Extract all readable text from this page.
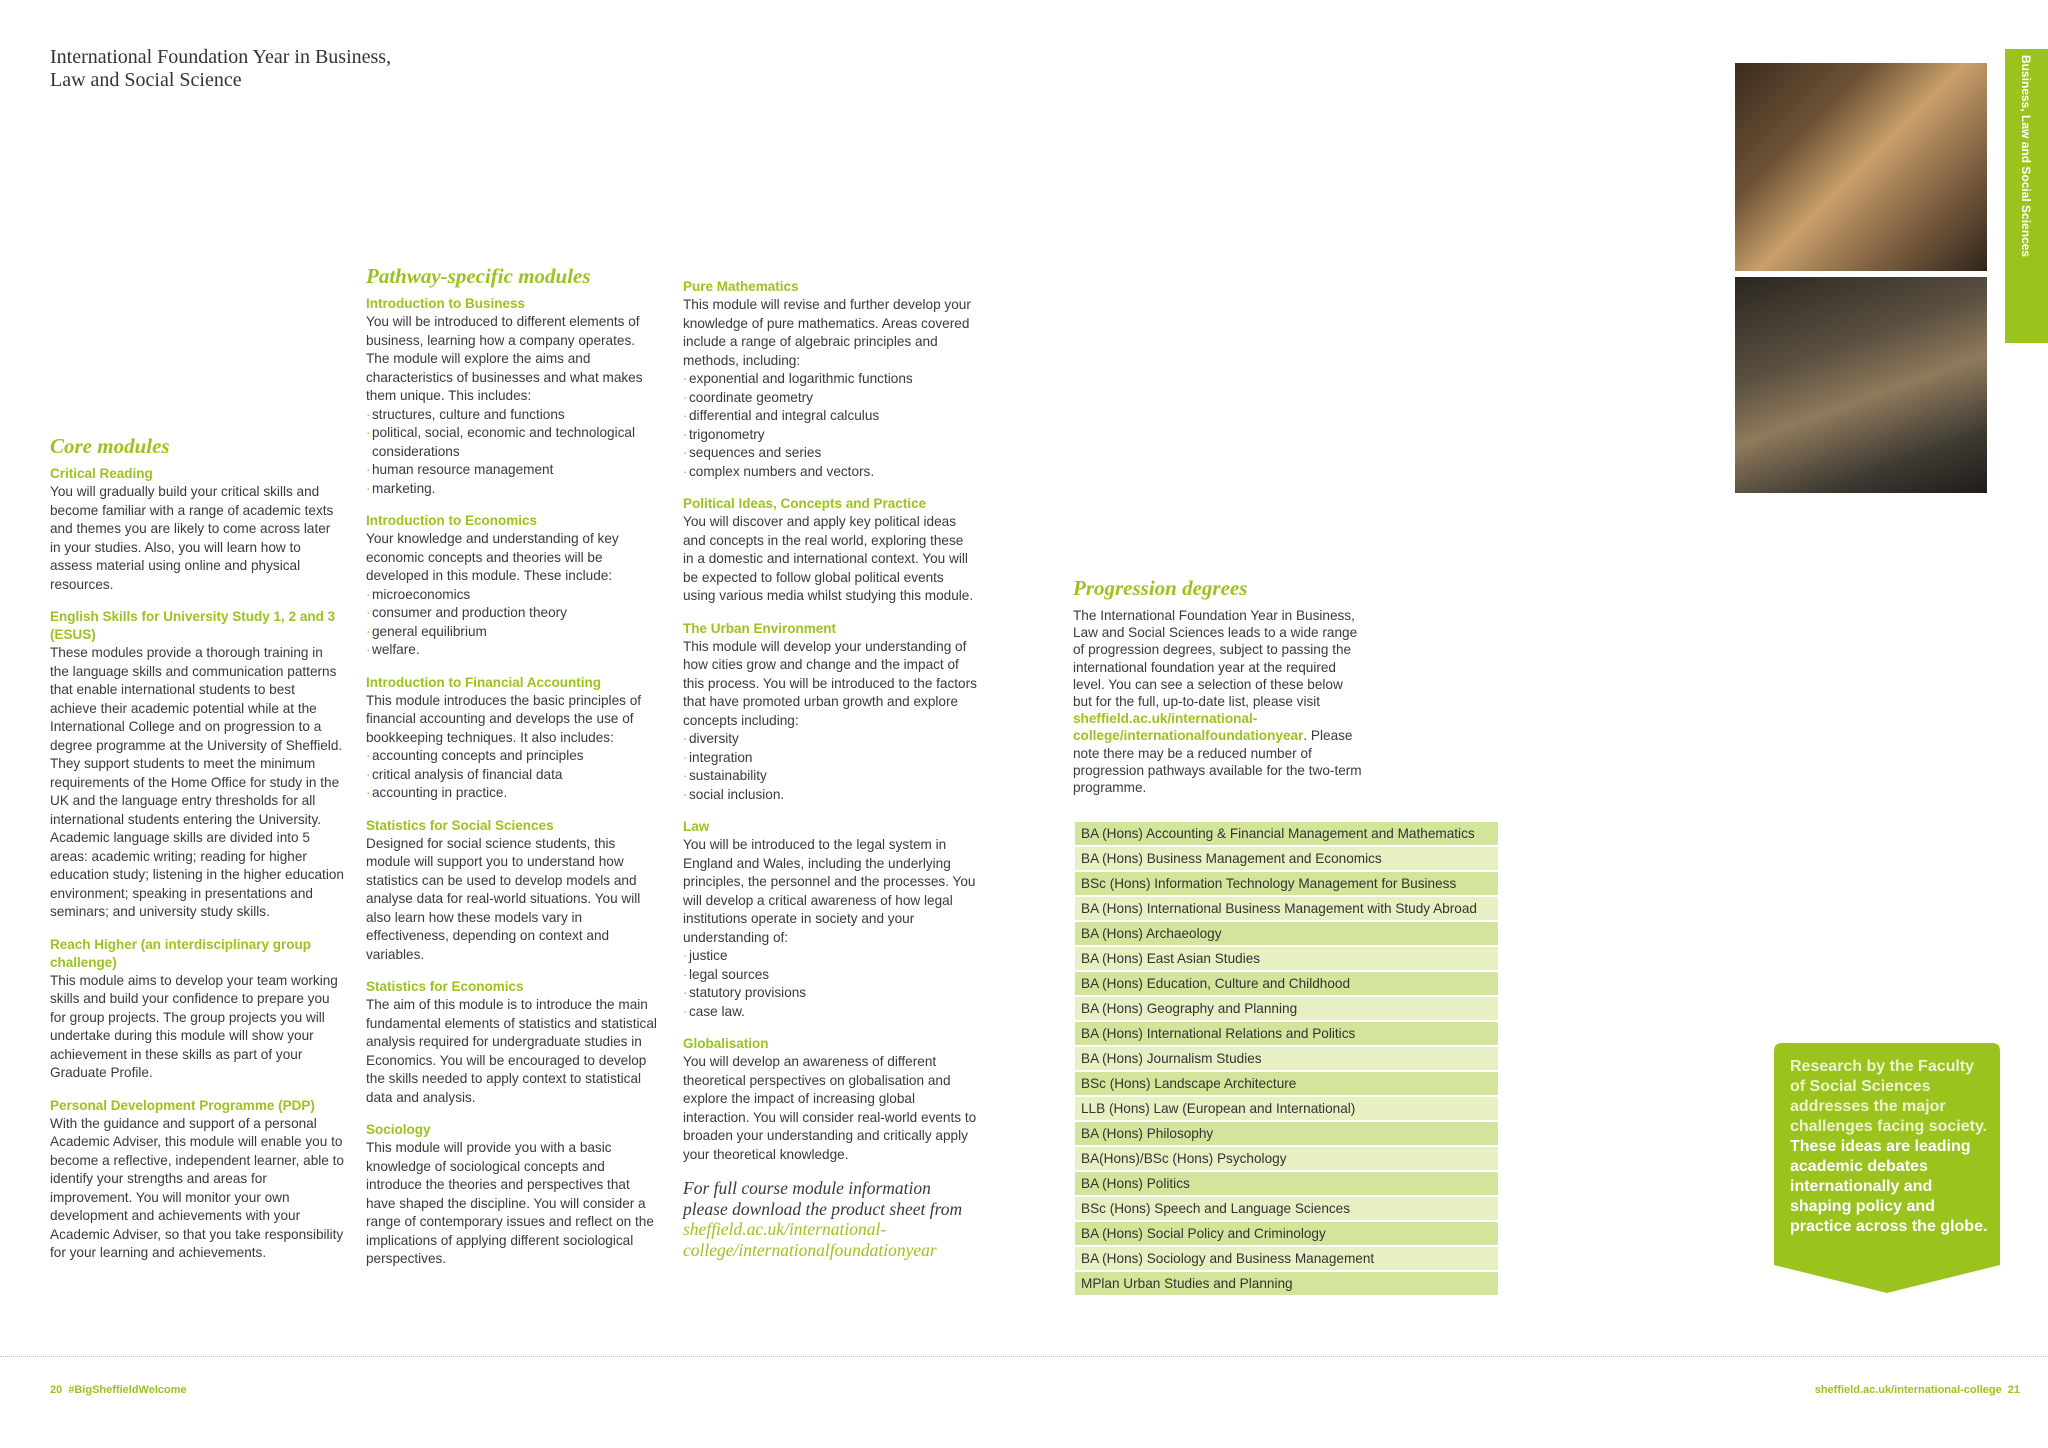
International Foundation Year in Business, Law and Social Science
Core modules
Critical Reading

You will gradually build your critical skills and become familiar with a range of academic texts and themes you are likely to come across later in your studies. Also, you will learn how to assess material using online and physical resources.

English Skills for University Study 1, 2 and 3 (ESUS)

These modules provide a thorough training in the language skills and communication patterns that enable international students to best achieve their academic potential while at the International College and on progression to a degree programme at the University of Sheffield. They support students to meet the minimum requirements of the Home Office for study in the UK and the language entry thresholds for all international students entering the University. Academic language skills are divided into 5 areas: academic writing; reading for higher education study; listening in the higher education environment; speaking in presentations and seminars; and university study skills.

Reach Higher (an interdisciplinary group challenge)

This module aims to develop your team working skills and build your confidence to prepare you for group projects. The group projects you will undertake during this module will show your achievement in these skills as part of your Graduate Profile.

Personal Development Programme (PDP)

With the guidance and support of a personal Academic Adviser, this module will enable you to become a reflective, independent learner, able to identify your strengths and areas for improvement. You will monitor your own development and achievements with your Academic Adviser, so that you take responsibility for your learning and achievements.

Pathway-specific modules
Introduction to Business

You will be introduced to different elements of business, learning how a company operates. The module will explore the aims and characteristics of businesses and what makes them unique. This includes:

· structures, culture and functions
· political, social, economic and technological considerations
· human resource management
· marketing.
Introduction to Economics

Your knowledge and understanding of key economic concepts and theories will be developed in this module. These include:

· microeconomics
· consumer and production theory
· general equilibrium
· welfare.
Introduction to Financial Accounting

This module introduces the basic principles of financial accounting and develops the use of bookkeeping techniques. It also includes:

· accounting concepts and principles
· critical analysis of financial data
· accounting in practice.
Statistics for Social Sciences

Designed for social science students, this module will support you to understand how statistics can be used to develop models and analyse data for real-world situations. You will also learn how these models vary in effectiveness, depending on context and variables.

Statistics for Economics

The aim of this module is to introduce the main fundamental elements of statistics and statistical analysis required for undergraduate studies in Economics. You will be encouraged to develop the skills needed to apply context to statistical data and analysis.

Sociology

This module will provide you with a basic knowledge of sociological concepts and introduce the theories and perspectives that have shaped the discipline. You will consider a range of contemporary issues and reflect on the implications of applying different sociological perspectives.

Pure Mathematics

This module will revise and further develop your knowledge of pure mathematics. Areas covered include a range of algebraic principles and methods, including:

· exponential and logarithmic functions
· coordinate geometry
· differential and integral calculus
· trigonometry
· sequences and series
· complex numbers and vectors.
Political Ideas, Concepts and Practice

You will discover and apply key political ideas and concepts in the real world, exploring these in a domestic and international context. You will be expected to follow global political events using various media whilst studying this module.

The Urban Environment

This module will develop your understanding of how cities grow and change and the impact of this process. You will be introduced to the factors that have promoted urban growth and explore concepts including:

· diversity
· integration
· sustainability
· social inclusion.
Law

You will be introduced to the legal system in England and Wales, including the underlying principles, the personnel and the processes. You will develop a critical awareness of how legal institutions operate in society and your understanding of:

· justice
· legal sources
· statutory provisions
· case law.
Globalisation

You will develop an awareness of different theoretical perspectives on globalisation and explore the impact of increasing global interaction. You will consider real-world events to broaden your understanding and critically apply your theoretical knowledge.

For full course module information please download the product sheet from sheffield.ac.uk/international-college/internationalfoundationyear
Progression degrees
The International Foundation Year in Business, Law and Social Sciences leads to a wide range of progression degrees, subject to passing the international foundation year at the required level. You can see a selection of these below but for the full, up-to-date list, please visit sheffield.ac.uk/international-college/internationalfoundationyear. Please note there may be a reduced number of progression pathways available for the two-term programme.
BA (Hons) Accounting & Financial Management and Mathematics
BA (Hons) Business Management and Economics
BSc (Hons) Information Technology Management for Business
BA (Hons) International Business Management with Study Abroad
BA (Hons) Archaeology
BA (Hons) East Asian Studies
BA (Hons) Education, Culture and Childhood
BA (Hons) Geography and Planning
BA (Hons) International Relations and Politics
BA (Hons) Journalism Studies
BSc (Hons) Landscape Architecture
LLB (Hons) Law (European and International)
BA (Hons) Philosophy
BA(Hons)/BSc (Hons) Psychology
BA (Hons) Politics
BSc (Hons) Speech and Language Sciences
BA (Hons) Social Policy and Criminology
BA (Hons) Sociology and Business Management
MPlan Urban Studies and Planning
Business, Law and Social Sciences
Research by the Faculty of Social Sciences addresses the major challenges facing society. These ideas are leading academic debates internationally and shaping policy and practice across the globe.
20 #BigSheffieldWelcome	sheffield.ac.uk/international-college 21
